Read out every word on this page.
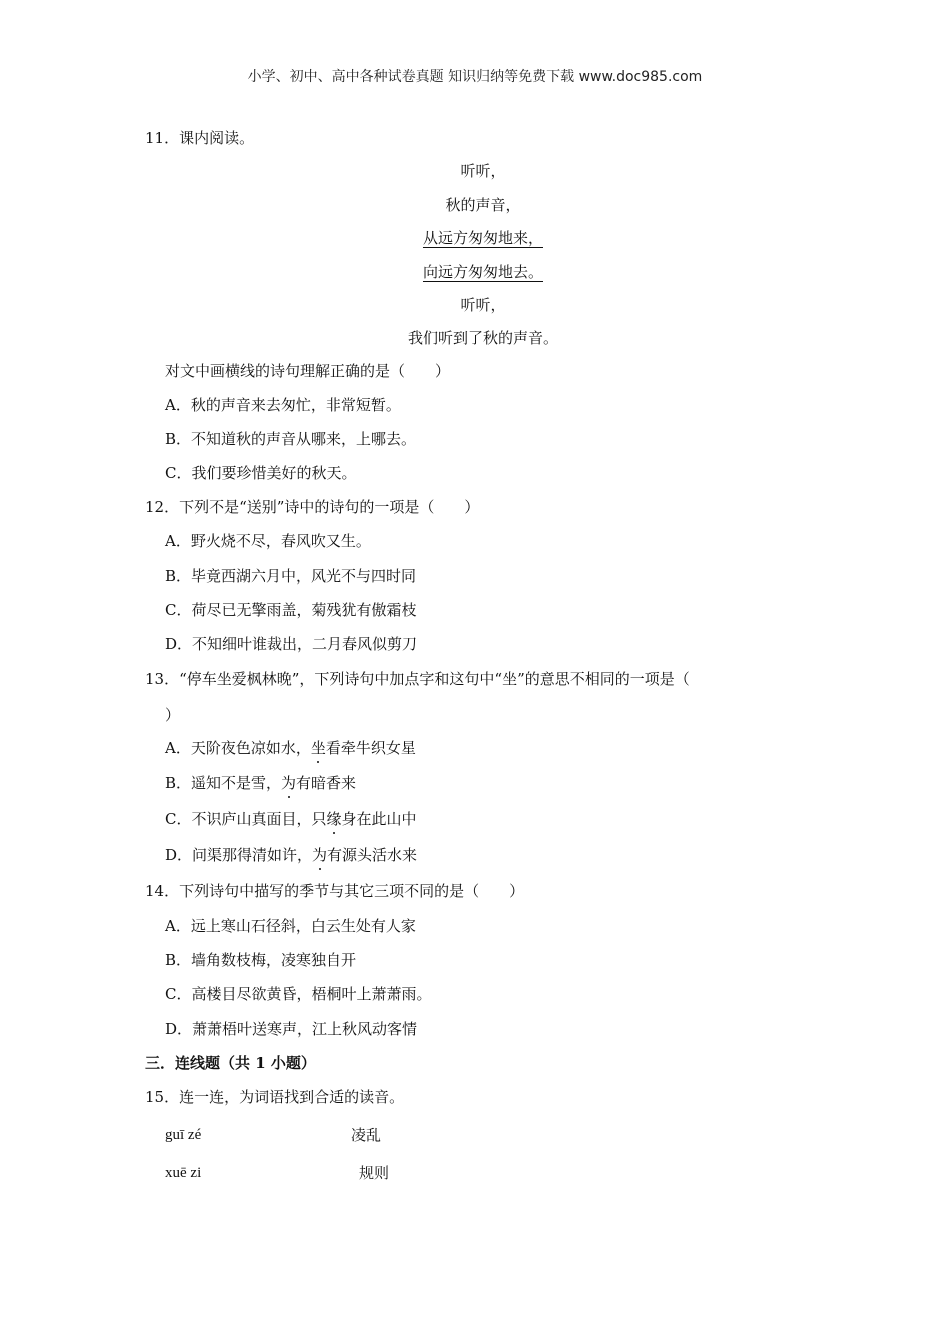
小学、初中、高中各种试卷真题 知识归纳等免费下载 www.doc985.com
11．课内阅读。
听听，
秋的声音，
从远方匆匆地来，
向远方匆匆地去。
听听，
我们听到了秋的声音。
对文中画横线的诗句理解正确的是（　　）
A．秋的声音来去匆忙，非常短暂。
B．不知道秋的声音从哪来，上哪去。
C．我们要珍惜美好的秋天。
12．下列不是“送别”诗中的诗句的一项是（　　）
A．野火烧不尽，春风吹又生。
B．毕竟西湖六月中，风光不与四时同
C．荷尽已无擎雨盖，菊残犹有傲霜枝
D．不知细叶谁裁出，二月春风似剪刀
13．“停车坐爱枫林晚”，下列诗句中加点字和这句中“坐”的意思不相同的一项是（
）
A．天阶夜色凉如水，坐看牵牛织女星
B．遥知不是雪，为有暗香来
C．不识庐山真面目，只缘身在此山中
D．问渠那得清如许，为有源头活水来
14．下列诗句中描写的季节与其它三项不同的是（　　）
A．远上寒山石径斜，白云生处有人家
B．墙角数枝梅，凌寒独自开
C．高楼目尽欲黄昏，梧桐叶上萧萧雨。
D．萧萧梧叶送寒声，江上秋风动客情
三．连线题（共 1 小题）
15．连一连，为词语找到合适的读音。
guī zé	凌乱
xuē zi	规则
